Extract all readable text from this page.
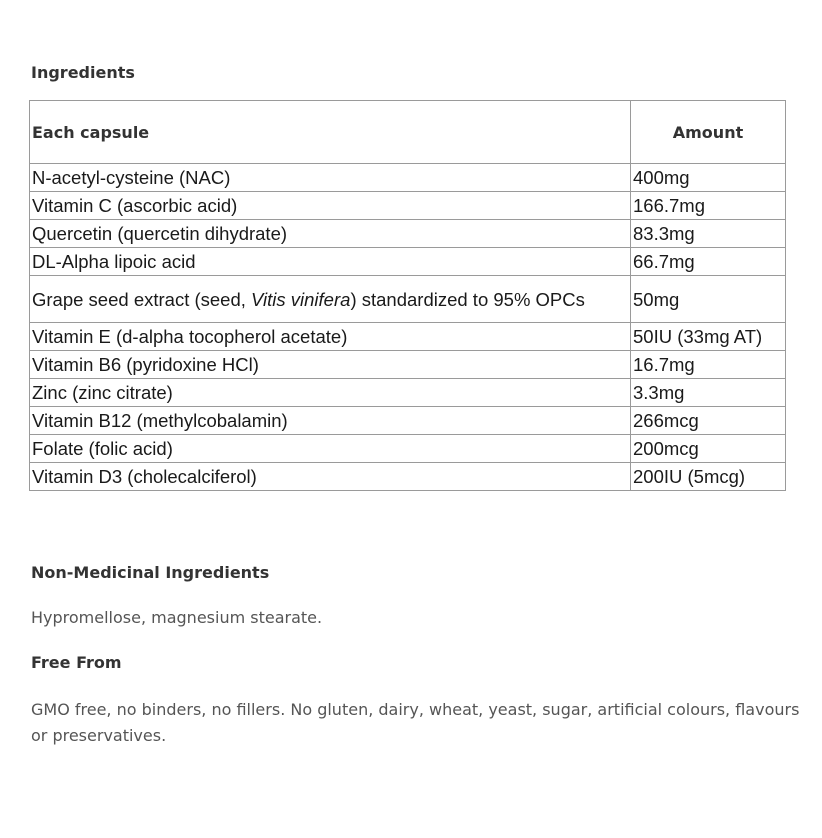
Ingredients
Each capsule	Amount
N-acetyl-cysteine (NAC)	400mg
Vitamin C (ascorbic acid)	166.7mg
Quercetin (quercetin dihydrate)	83.3mg
DL-Alpha lipoic acid	66.7mg
Grape seed extract (seed, Vitis vinifera) standardized to 95% OPCs	50mg
Vitamin E (d-alpha tocopherol acetate)	50IU (33mg AT)
Vitamin B6 (pyridoxine HCl)	16.7mg
Zinc (zinc citrate)	3.3mg
Vitamin B12 (methylcobalamin)	266mcg
Folate (folic acid)	200mcg
Vitamin D3 (cholecalciferol)	200IU (5mcg)
Non-Medicinal Ingredients

Hypromellose, magnesium stearate.

Free From

GMO free, no binders, no fillers. No gluten, dairy, wheat, yeast, sugar, artificial colours, flavours or preservatives.
